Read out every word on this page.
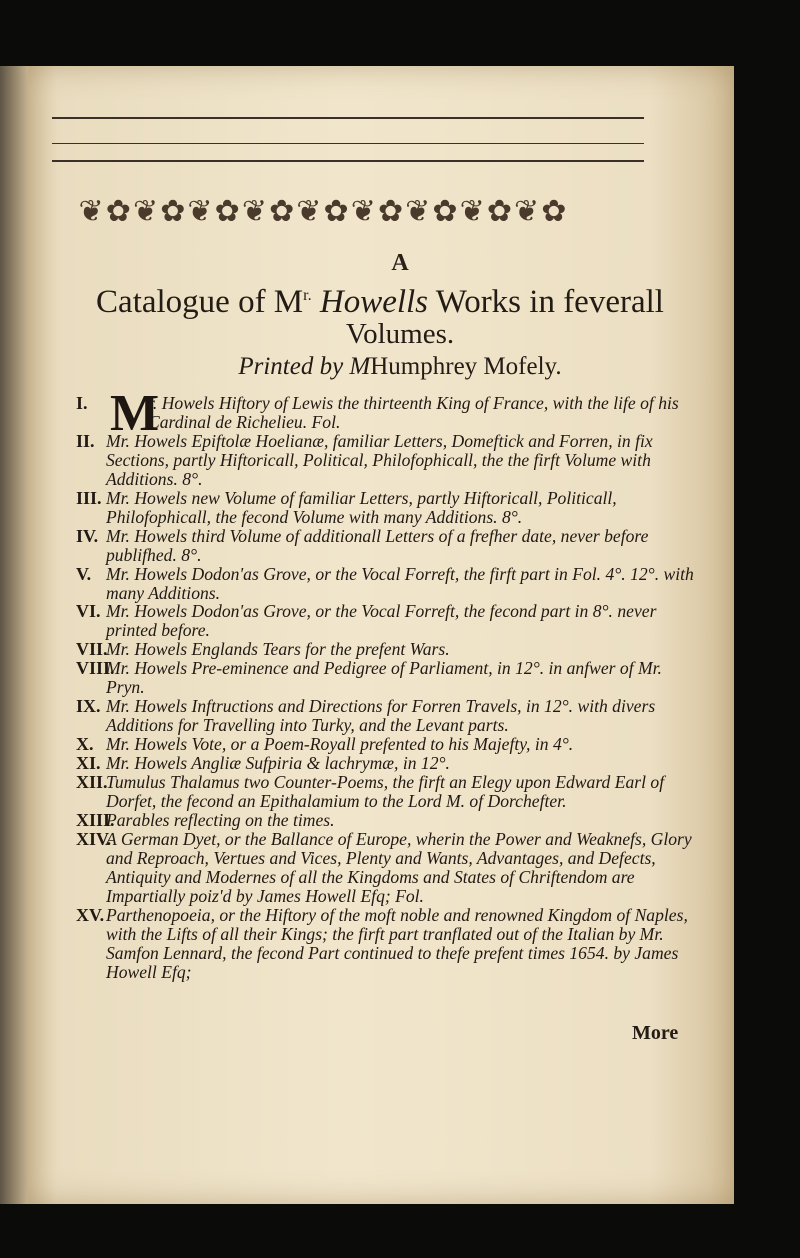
❦ ✿ ❦ ✿ ❦ ✿ ❦ ✿ ❦ ✿ ❦ ✿ ❦ ✿ ❦ ✿ ❦ ✿
A
Catalogue of $M^{r.}$ Howells Works in feverall
Volumes.
Printed by MHumphrey Mofely.
I. M
r. Howels Hiftory of Lewis the thirteenth King of France, with the life of his Cardinal de Richelieu. Fol.
II. Mr. Howels Epiftolæ Hoelianæ, familiar Letters, Domeftick and Forren, in fix Sections, partly Hiftoricall, Political, Philofophicall, the the firft Volume with Additions. 8°.
III. Mr. Howels new Volume of familiar Letters, partly Hiftoricall, Politicall, Philofophicall, the fecond Volume with many Additions. 8°.
IV. Mr. Howels third Volume of additionall Letters of a frefher date, never before publifhed. 8°.
V. Mr. Howels Dodon'as Grove, or the Vocal Forreft, the firft part in Fol. 4°. 12°. with many Additions.
VI. Mr. Howels Dodon'as Grove, or the Vocal Forreft, the fecond part in 8°. never printed before.
VII.
Mr. Howels Englands Tears for the prefent Wars.
VIII.
Mr. Howels Pre-eminence and Pedigree of Parliament, in 12°. in anfwer of Mr. Pryn.
IX. Mr. Howels Inftructions and Directions for Forren Travels, in 12°. with divers Additions for Travelling into Turky, and the Levant parts.
X. Mr. Howels Vote, or a Poem-Royall prefented to his Majefty, in 4°.
XI. Mr. Howels Angliæ Sufpiria & lachrymæ, in 12°.
XII.
Tumulus Thalamus two Counter-Poems, the firft an Elegy upon Edward Earl of Dorfet, the fecond an Epithalamium to the Lord M. of Dorchefter.
XIII.
Parables reflecting on the times.
XIV.
A German Dyet, or the Ballance of Europe, wherin the Power and Weaknefs, Glory and Reproach, Vertues and Vices, Plenty and Wants, Advantages, and Defects, Antiquity and Modernes of all the Kingdoms and States of Chriftendom are Impartially poiz'd by James Howell Efq; Fol.
XV. Parthenopoeia, or the Hiftory of the moft noble and renowned Kingdom of Naples, with the Lifts of all their Kings; the firft part tranflated out of the Italian by Mr. Samfon Lennard, the fecond Part continued to thefe prefent times 1654. by James Howell Efq;
More
